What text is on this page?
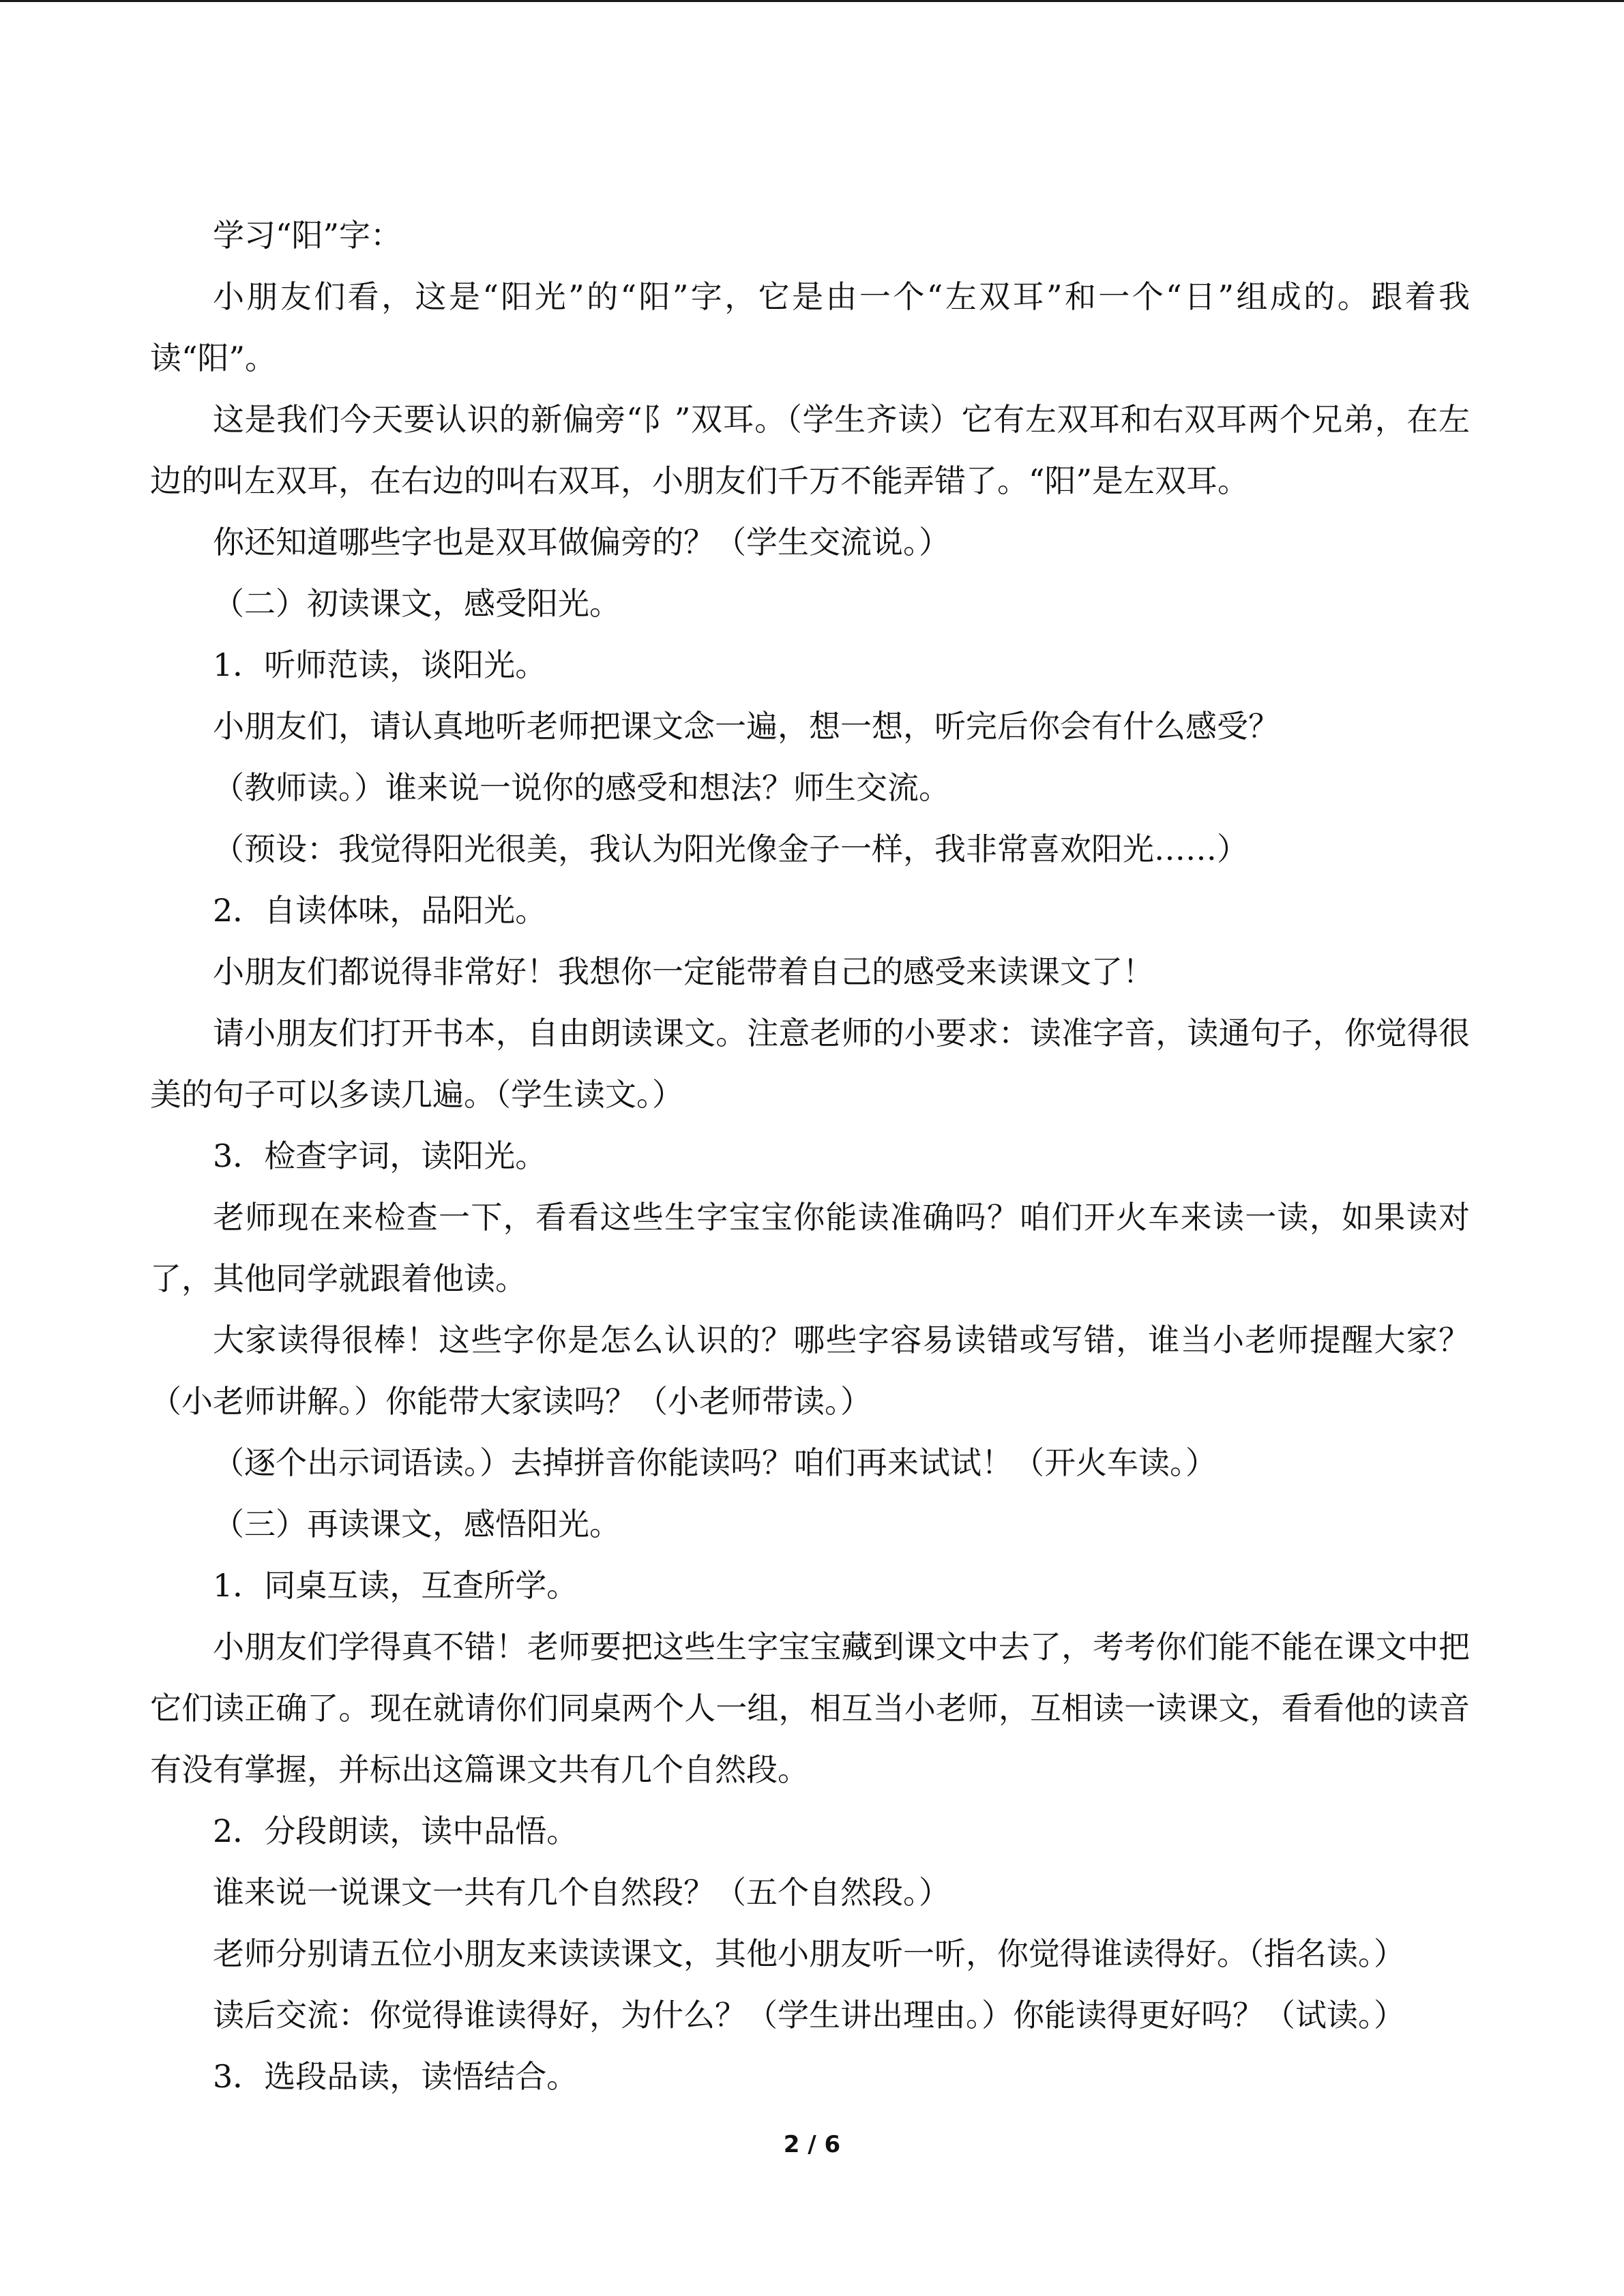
学习“阳”字：

小朋友们看，这是“阳光”的“阳”字，它是由一个“左双耳”和一个“日”组成的。跟着我读“阳”。

这是我们今天要认识的新偏旁“阝”双耳。（学生齐读）它有左双耳和右双耳两个兄弟，在左边的叫左双耳，在右边的叫右双耳，小朋友们千万不能弄错了。“阳”是左双耳。

你还知道哪些字也是双耳做偏旁的？（学生交流说。）

（二）初读课文，感受阳光。

1．听师范读，谈阳光。

小朋友们，请认真地听老师把课文念一遍，想一想，听完后你会有什么感受？

（教师读。）谁来说一说你的感受和想法？师生交流。

（预设：我觉得阳光很美，我认为阳光像金子一样，我非常喜欢阳光……）

2．自读体味，品阳光。

小朋友们都说得非常好！我想你一定能带着自己的感受来读课文了！

请小朋友们打开书本，自由朗读课文。注意老师的小要求：读准字音，读通句子，你觉得很美的句子可以多读几遍。（学生读文。）

3．检查字词，读阳光。

老师现在来检查一下，看看这些生字宝宝你能读准确吗？咱们开火车来读一读，如果读对了，其他同学就跟着他读。

大家读得很棒！这些字你是怎么认识的？哪些字容易读错或写错，谁当小老师提醒大家？（小老师讲解。）你能带大家读吗？（小老师带读。）

（逐个出示词语读。）去掉拼音你能读吗？咱们再来试试！（开火车读。）

（三）再读课文，感悟阳光。

1．同桌互读，互查所学。

小朋友们学得真不错！老师要把这些生字宝宝藏到课文中去了，考考你们能不能在课文中把它们读正确了。现在就请你们同桌两个人一组，相互当小老师，互相读一读课文，看看他的读音有没有掌握，并标出这篇课文共有几个自然段。

2．分段朗读，读中品悟。

谁来说一说课文一共有几个自然段？（五个自然段。）

老师分别请五位小朋友来读读课文，其他小朋友听一听，你觉得谁读得好。（指名读。）

读后交流：你觉得谁读得好，为什么？（学生讲出理由。）你能读得更好吗？（试读。）

3．选段品读，读悟结合。

2 / 6
